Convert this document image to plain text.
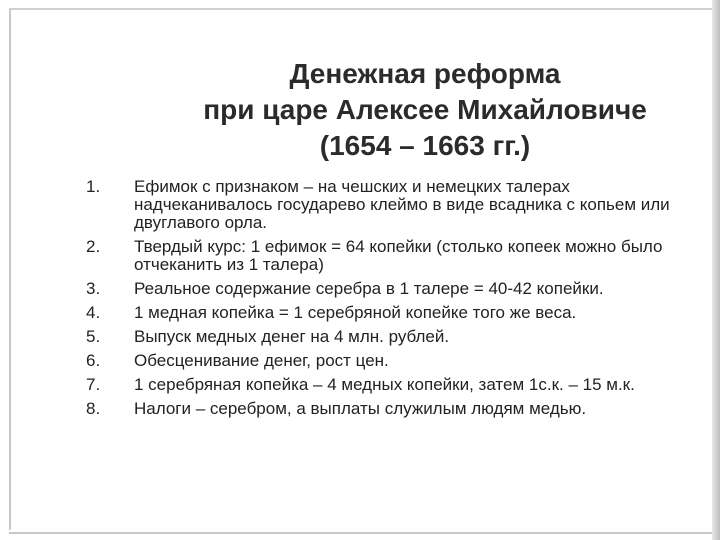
Денежная реформа
при царе Алексее Михайловиче
(1654 – 1663 гг.)
1. Ефимок с признаком – на чешских и немецких талерах надчеканивалось государево клеймо в виде всадника с копьем или двуглавого орла.
2. Твердый курс: 1 ефимок = 64 копейки (столько копеек можно было отчеканить из 1 талера)
3. Реальное содержание серебра в 1 талере = 40-42 копейки.
4. 1 медная копейка = 1 серебряной копейке того же веса.
5. Выпуск медных денег на 4 млн. рублей.
6. Обесценивание денег, рост цен.
7. 1 серебряная копейка – 4 медных копейки, затем 1с.к. – 15 м.к.
8. Налоги – серебром, а выплаты служилым людям медью.
